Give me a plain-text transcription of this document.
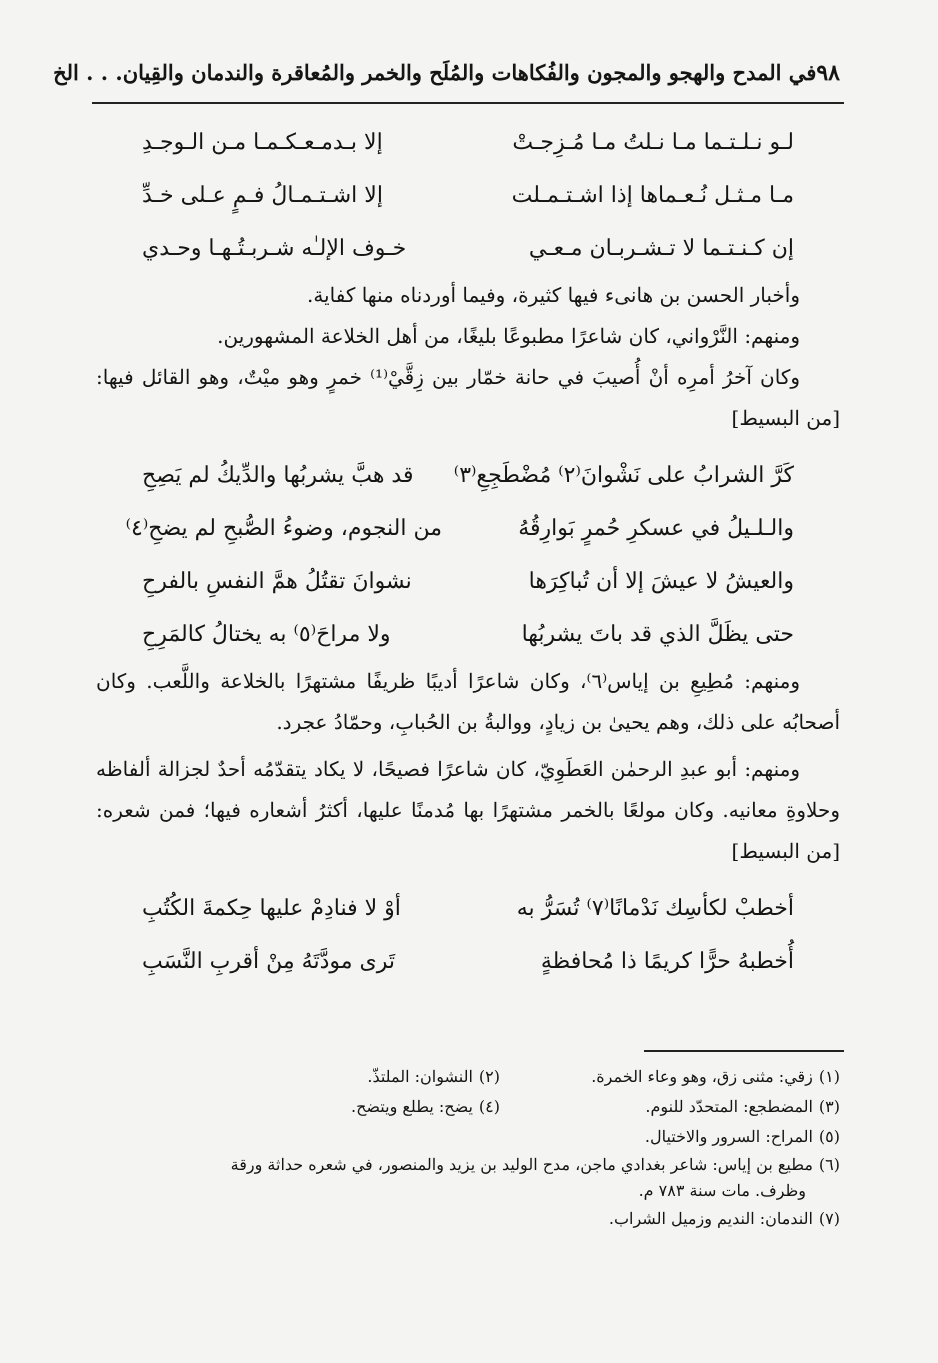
٩٨
في المدح والهجو والمجون والفُكاهات والمُلَح والخمر والمُعاقرة والندمان والقِيان. . . الخ
لـو نـلـتـما مـا نـلتُ مـا مُـزِجـتْ
إلا بـدمـعـكـمـا مـن الـوجـدِ
مـا مـثـل نُـعـماها إذا اشـتـمـلت
إلا اشـتـمـالُ فـمٍ عـلى خـدِّ
إن كـنـتـما لا تـشـربـان مـعـي
خـوف الإلـٰه شـربـتُـهـا وحـدي

وأخبار الحسن بن هانىء فيها كثيرة، وفيما أوردناه منها كفاية.

ومنهم: النَّرْواني، كان شاعرًا مطبوعًا بليغًا، من أهل الخلاعة المشهورين.

وكان آخرُ أمرِه أنْ أُصيبَ في حانة خمّار بين زِقَّيْ⁽¹⁾ خمرٍ وهو ميْتٌ، وهو القائل فيها: [من البسيط]

كَرَّ الشرابُ على نَشْوانَ⁽٢⁾ مُضْطَجِعِ⁽٣⁾
قد هبَّ يشربُها والدِّيكُ لم يَصِحِ
والـلـيلُ في عسكرِ حُمرٍ بَوارِقُهُ
من النجوم، وضوءُ الصُّبحِ لم يضحِ⁽٤⁾
والعيشُ لا عيشَ إلا أن تُباكِرَها
نشوانَ تقتُلُ همَّ النفسِ بالفرحِ
حتى يظَلَّ الذي قد باتَ يشربُها
ولا مراحَ⁽٥⁾ به يختالُ كالمَرِحِ

ومنهم: مُطِيعِ بن إياس⁽٦⁾، وكان شاعرًا أديبًا ظريفًا مشتهرًا بالخلاعة واللَّعب. وكان أصحابُه على ذلك، وهم يحيىٰ بن زيادٍ، ووالبةُ بن الحُبابِ، وحمّادُ عجرد.

ومنهم: أبو عبدِ الرحمٰن العَطَوِيّ، كان شاعرًا فصيحًا، لا يكاد يتقدّمُه أحدٌ لجزالة ألفاظه وحلاوةِ معانيه. وكان مولعًا بالخمر مشتهرًا بها مُدمنًا عليها، أكثرُ أشعاره فيها؛ فمن شعره: [من البسيط]

أخطبْ لكأسِك نَدْمانًا⁽٧⁾ تُسَرُّ به
أوْ لا فنادِمْ عليها حِكمةَ الكُتُبِ
أُخطبهُ حرًّا كريمًا ذا مُحافظةٍ
تَرى مودَّتَهُ مِنْ أقربِ النَّسَبِ
(١)زقي: مثنى زق، وهو وعاء الخمرة.
(٢)النشوان: الملتذّ.
(٣)المضطجع: المتحدّد للنوم.
(٤)يضح: يطلع ويتضح.
(٥)المراح: السرور والاختيال.
(٦)مطيع بن إياس: شاعر بغدادي ماجن، مدح الوليد بن يزيد والمنصور، في شعره حداثة ورقة
وظرف. مات سنة ٧٨٣ م.
(٧)الندمان: النديم وزميل الشراب.
